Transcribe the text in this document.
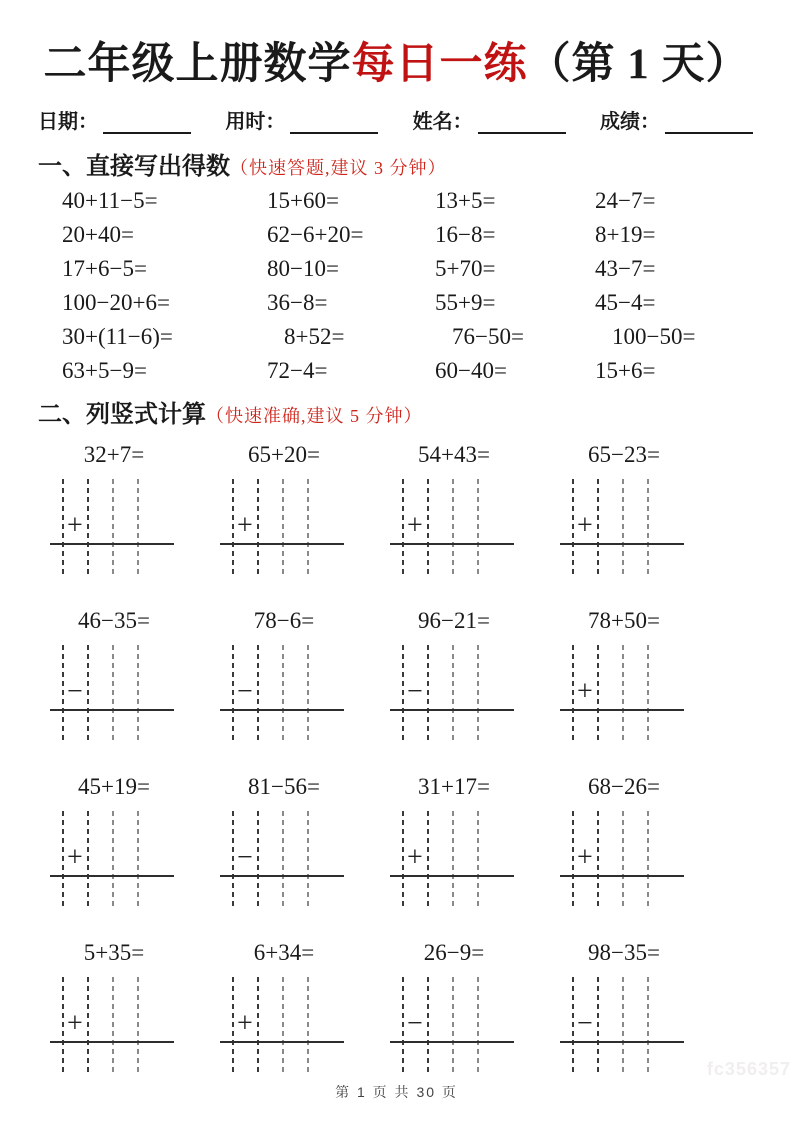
二年级上册数学每日一练（第 1 天）
日期：	用时：	姓名：	成绩：
一、直接写出得数（快速答题,建议 3 分钟）
40+11−5=	15+60=	13+5=	24−7=
20+40=	62−6+20=	16−8=	8+19=
17+6−5=	80−10=	5+70=	43−7=
100−20+6=	36−8=	55+9=	45−4=
30+(11−6)=	8+52=	76−50=	100−50=
63+5−9=	72−4=	60−40=	15+6=
二、列竖式计算（快速准确,建议 5 分钟）
32+7=
+
65+20=
+
54+43=
+
65−23=
+
46−35=
−
78−6=
−
96−21=
−
78+50=
+
45+19=
+
81−56=
−
31+17=
+
68−26=
+
5+35=
+
6+34=
+
26−9=
−
98−35=
−
第 1 页 共 30 页
fc356357
